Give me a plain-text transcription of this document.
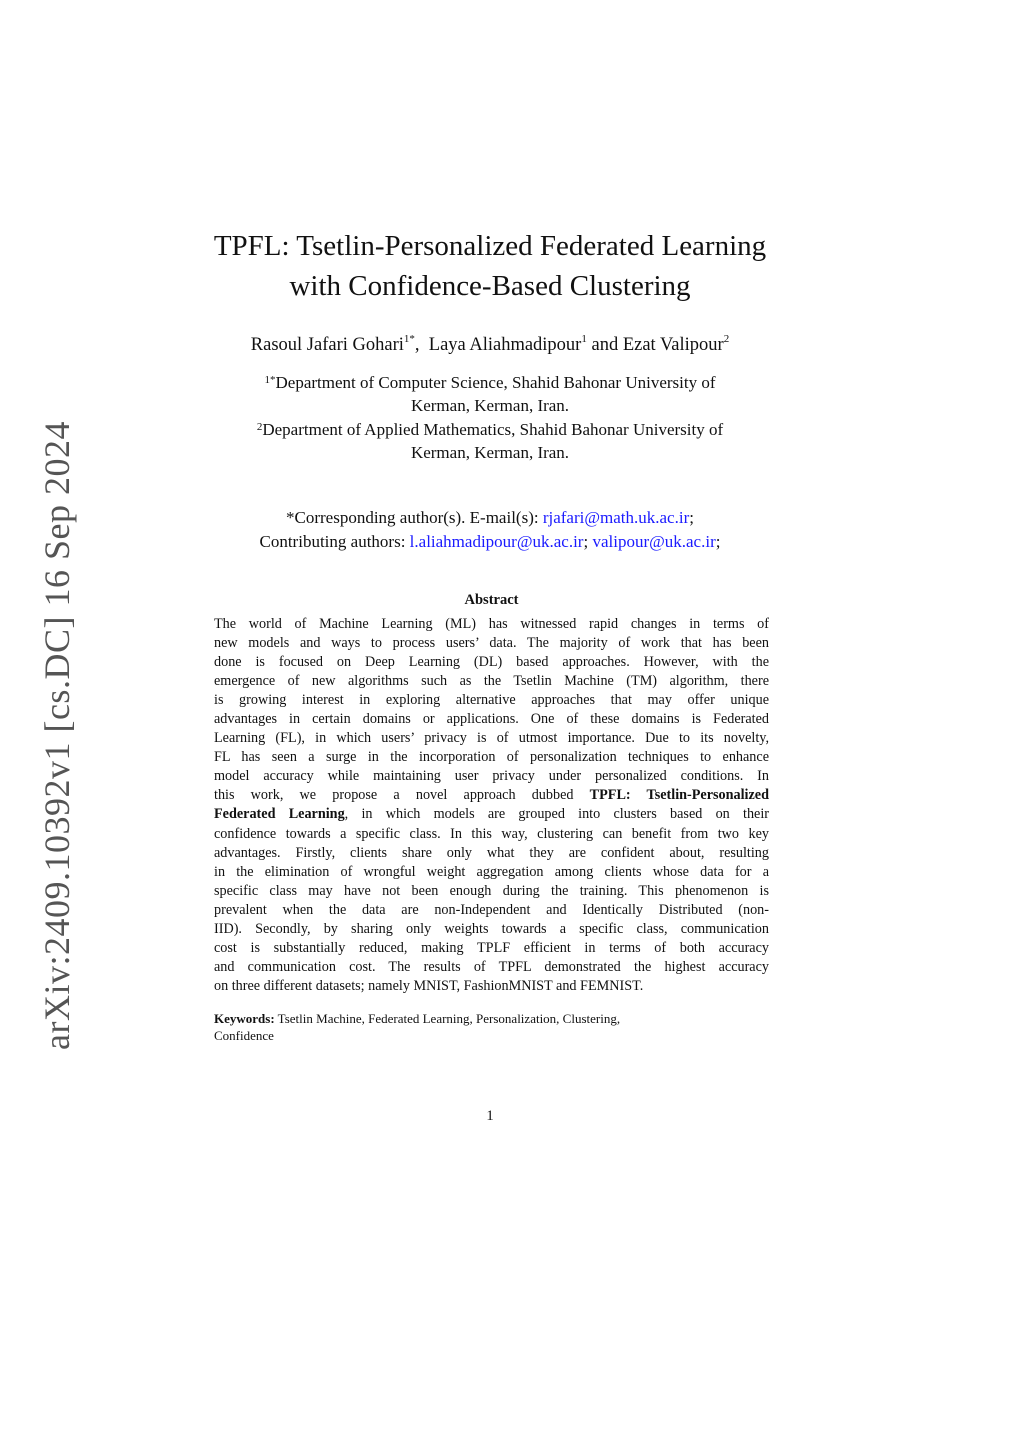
arXiv:2409.10392v1 [cs.DC] 16 Sep 2024
TPFL: Tsetlin-Personalized Federated Learning
with Confidence-Based Clustering
Rasoul Jafari Gohari$^{1*}$,  Laya Aliahmadipour$^1$ and Ezat Valipour$^2$
$^{1*}$Department of Computer Science, Shahid Bahonar University of
Kerman, Kerman, Iran.
$^2$Department of Applied Mathematics, Shahid Bahonar University of
Kerman, Kerman, Iran.
*Corresponding author(s). E-mail(s): rjafari@math.uk.ac.ir;
Contributing authors: l.aliahmadipour@uk.ac.ir; valipour@uk.ac.ir;
Abstract
The world of Machine Learning (ML) has witnessed rapid changes in terms of
new models and ways to process users’ data. The majority of work that has been
done is focused on Deep Learning (DL) based approaches. However, with the
emergence of new algorithms such as the Tsetlin Machine (TM) algorithm, there
is growing interest in exploring alternative approaches that may offer unique
advantages in certain domains or applications. One of these domains is Federated
Learning (FL), in which users’ privacy is of utmost importance. Due to its novelty,
FL has seen a surge in the incorporation of personalization techniques to enhance
model accuracy while maintaining user privacy under personalized conditions. In
this work, we propose a novel approach dubbed TPFL: Tsetlin-Personalized
Federated Learning, in which models are grouped into clusters based on their
confidence towards a specific class. In this way, clustering can benefit from two key
advantages. Firstly, clients share only what they are confident about, resulting
in the elimination of wrongful weight aggregation among clients whose data for a
specific class may have not been enough during the training. This phenomenon is
prevalent when the data are non-Independent and Identically Distributed (non-
IID). Secondly, by sharing only weights towards a specific class, communication
cost is substantially reduced, making TPLF efficient in terms of both accuracy
and communication cost. The results of TPFL demonstrated the highest accuracy
on three different datasets; namely MNIST, FashionMNIST and FEMNIST.
Keywords: Tsetlin Machine, Federated Learning, Personalization, Clustering,
Confidence
1
